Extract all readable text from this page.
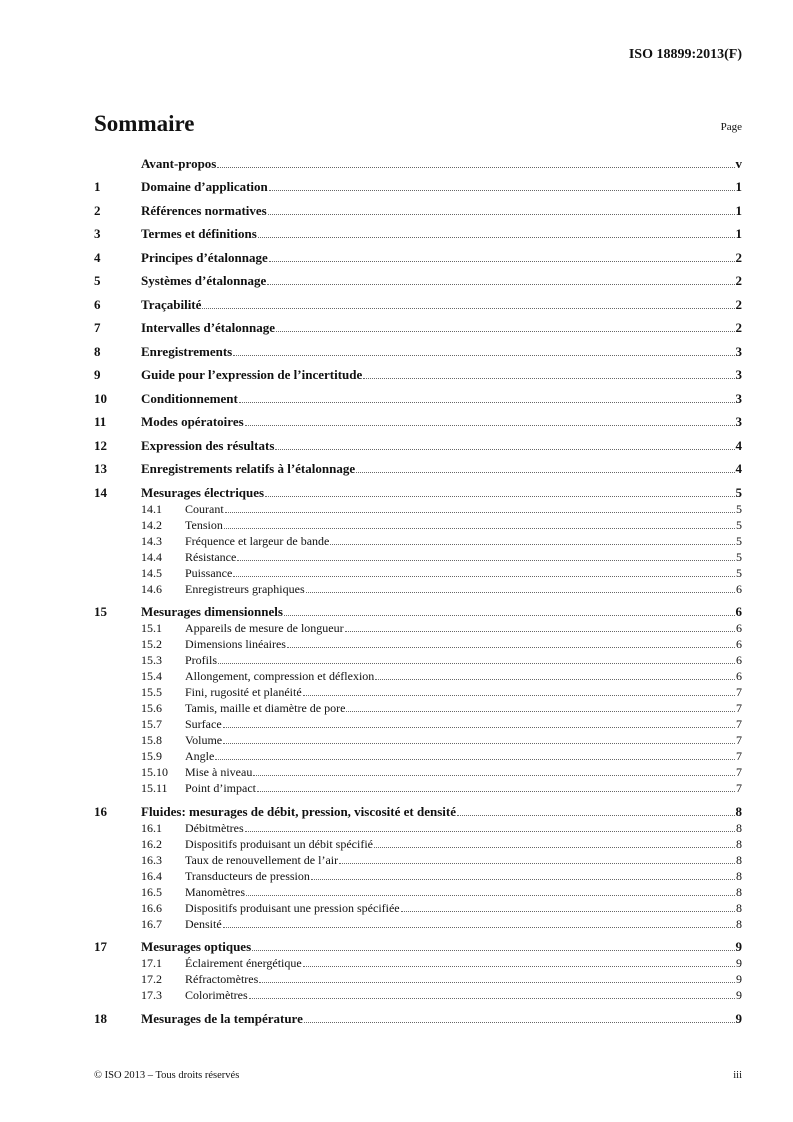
ISO 18899:2013(F)
Sommaire	Page
Avant-propos	v
1	Domaine d’application	1
2	Références normatives	1
3	Termes et définitions	1
4	Principes d’étalonnage	2
5	Systèmes d’étalonnage	2
6	Traçabilité	2
7	Intervalles d’étalonnage	2
8	Enregistrements	3
9	Guide pour l’expression de l’incertitude	3
10	Conditionnement	3
11	Modes opératoires	3
12	Expression des résultats	4
13	Enregistrements relatifs à l’étalonnage	4
14	Mesurages électriques	5
14.1	Courant	5
14.2	Tension	5
14.3	Fréquence et largeur de bande	5
14.4	Résistance	5
14.5	Puissance	5
14.6	Enregistreurs graphiques	6
15	Mesurages dimensionnels	6
15.1	Appareils de mesure de longueur	6
15.2	Dimensions linéaires	6
15.3	Profils	6
15.4	Allongement, compression et déflexion	6
15.5	Fini, rugosité et planéité	7
15.6	Tamis, maille et diamètre de pore	7
15.7	Surface	7
15.8	Volume	7
15.9	Angle	7
15.10	Mise à niveau	7
15.11	Point d’impact	7
16	Fluides: mesurages de débit, pression, viscosité et densité	8
16.1	Débitmètres	8
16.2	Dispositifs produisant un débit spécifié	8
16.3	Taux de renouvellement de l’air	8
16.4	Transducteurs de pression	8
16.5	Manomètres	8
16.6	Dispositifs produisant une pression spécifiée	8
16.7	Densité	8
17	Mesurages optiques	9
17.1	Éclairement énergétique	9
17.2	Réfractomètres	9
17.3	Colorimètres	9
18	Mesurages de la température	9
© ISO 2013 – Tous droits réservés	iii
